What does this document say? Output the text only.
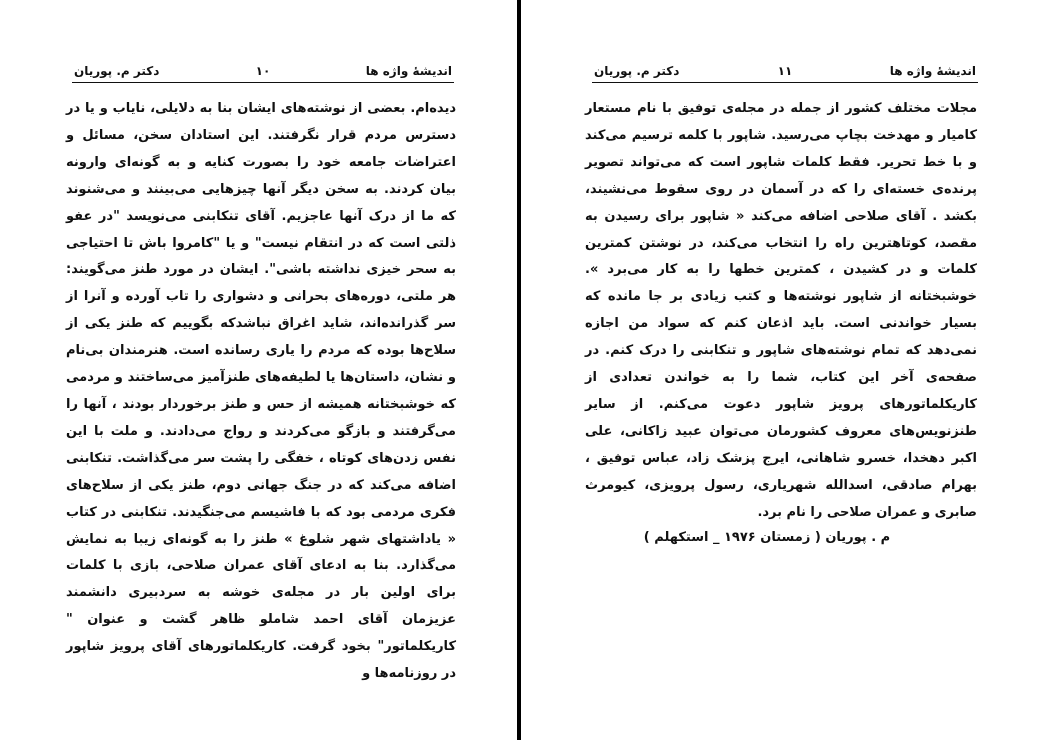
اندیشهٔ واژه ها
۱۰
دکتر م. پوریان

دیده‌ام. بعضی از نوشته‌های ایشان بنا به دلایلی، نایاب و یا در دسترس مردم قرار نگرفتند. این استادان سخن، مسائل و اعتراضات جامعه خود را بصورت کنایه و به گونه‌ای وارونه بیان کردند. به سخن دیگر آنها چیزهایی می‌بینند و می‌شنوند که ما از درک آنها عاجزیم. آقای تنکابنی می‌نویسد "در عفو ذلتی است که در انتقام نیست" و یا "کامروا باش تا احتیاجی به سحر خیزی نداشته باشی". ایشان در مورد طنز می‌گویند: هر ملتی، دوره‌های بحرانی و دشواری را تاب آورده و آنرا از سر گذرانده‌اند، شاید اغراق نباشدکه بگوییم که طنز یکی از سلاح‌ها بوده که مردم را یاری رسانده است. هنرمندان بی‌نام و نشان، داستان‌ها یا لطیفه‌های طنزآمیز می‌ساختند و مردمی که خوشبختانه همیشه از حس و طنز برخوردار بودند ، آنها را می‌گرفتند و بازگو می‌کردند و رواج می‌دادند. و ملت با این نفس زدن‌های کوتاه ، خفگی را پشت سر می‌گذاشت. تنکابنی اضافه می‌کند که در جنگ جهانی دوم، طنز یکی از سلاح‌های فکری مردمی بود که با فاشیسم می‌جنگیدند. تنکابنی در کتاب « یاداشتهای شهر شلوغ » طنز را به گونه‌ای زیبا به نمایش می‌گذارد. بنا به ادعای آقای عمران صلاحی، بازی با کلمات برای اولین بار در مجله‌ی خوشه به سردبیری دانشمند عزیزمان آقای احمد شاملو ظاهر گشت و عنوان " کاریکلماتور" بخود گرفت. کاریکلماتورهای آقای پرویز شاپور در روزنامه‌ها و

اندیشهٔ واژه ها
۱۱
دکتر م. پوریان

مجلات مختلف کشور از جمله در مجله‌ی توفیق با نام مستعار کامیار و مهدخت بچاپ می‌رسید. شاپور با کلمه ترسیم می‌کند و با خط تحریر. فقط کلمات شاپور است که می‌تواند تصویر پرنده‌ی خسته‌ای را که در آسمان در روی سقوط می‌نشیند، بکشد . آقای صلاحی اضافه می‌کند « شاپور برای رسیدن به مقصد، کوتاهترین راه را انتخاب می‌کند، در نوشتن کمترین کلمات و در کشیدن ، کمترین خطها را به کار می‌برد ». خوشبختانه از شاپور نوشته‌ها و کتب زیادی بر جا مانده که بسیار خواندنی است. باید اذعان کنم که سواد من اجازه نمی‌دهد که تمام نوشته‌های شاپور و تنکابنی را درک کنم. در صفحه‌ی آخر این کتاب، شما را به خواندن تعدادی از کاریکلماتورهای پرویز شاپور دعوت می‌کنم. از سایر طنزنویس‌های معروف کشورمان می‌توان عبید زاکانی، علی اکبر دهخدا، خسرو شاهانی، ایرج پزشک زاد، عباس توفیق ، بهرام صادقی، اسدالله شهریاری، رسول پرویزی، کیومرث صابری و عمران صلاحی را نام برد.

م . پوریان ( زمستان ۱۹۷۶ _ استکهلم )
